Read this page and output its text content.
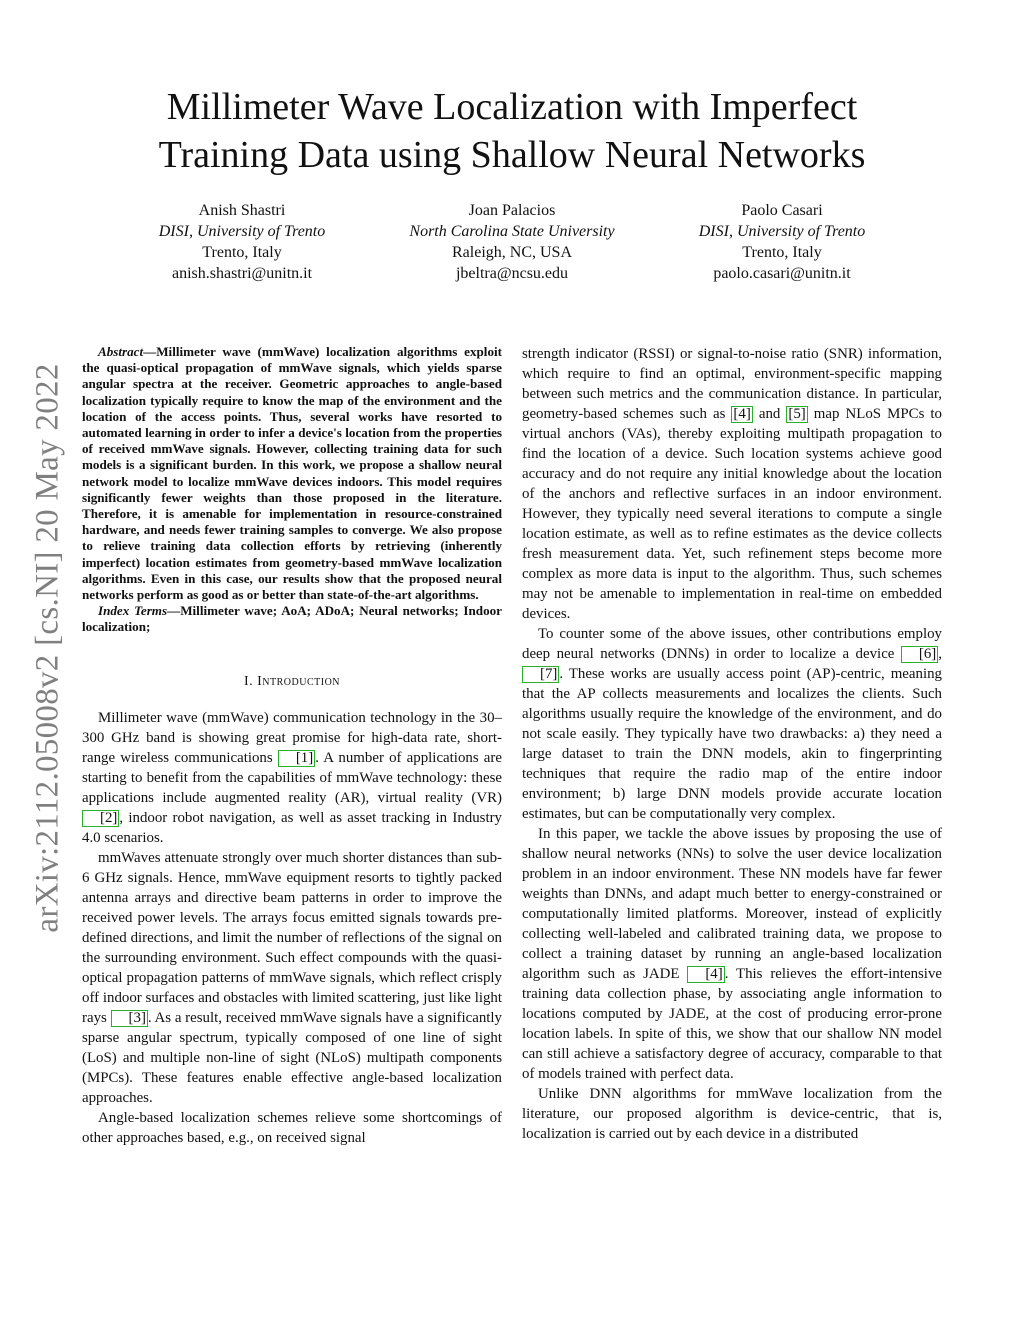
Millimeter Wave Localization with Imperfect
Training Data using Shallow Neural Networks
Anish Shastri
DISI, University of Trento
Trento, Italy
anish.shastri@unitn.it
Joan Palacios
North Carolina State University
Raleigh, NC, USA
jbeltra@ncsu.edu
Paolo Casari
DISI, University of Trento
Trento, Italy
paolo.casari@unitn.it
arXiv:2112.05008v2 [cs.NI] 20 May 2022

Abstract—Millimeter wave (mmWave) localization algorithms exploit the quasi-optical propagation of mmWave signals, which yields sparse angular spectra at the receiver. Geometric approaches to angle-based localization typically require to know the map of the environment and the location of the access points. Thus, several works have resorted to automated learning in order to infer a device's location from the properties of received mmWave signals. However, collecting training data for such models is a significant burden. In this work, we propose a shallow neural network model to localize mmWave devices indoors. This model requires significantly fewer weights than those proposed in the literature. Therefore, it is amenable for implementation in resource-constrained hardware, and needs fewer training samples to converge. We also propose to relieve training data collection efforts by retrieving (inherently imperfect) location estimates from geometry-based mmWave localization algorithms. Even in this case, our results show that the proposed neural networks perform as good as or better than state-of-the-art algorithms.

Index Terms—Millimeter wave; AoA; ADoA; Neural networks; Indoor localization;

I. Introduction

Millimeter wave (mmWave) communication technology in the 30–300 GHz band is showing great promise for high-data rate, short-range wireless communications [1] . A number of applications are starting to benefit from the capabilities of mmWave technology: these applications include augmented reality (AR), virtual reality (VR) [2] , indoor robot navigation, as well as asset tracking in Industry 4.0 scenarios.

mmWaves attenuate strongly over much shorter distances than sub-6 GHz signals. Hence, mmWave equipment resorts to tightly packed antenna arrays and directive beam patterns in order to improve the received power levels. The arrays focus emitted signals towards pre-defined directions, and limit the number of reflections of the signal on the surrounding environment. Such effect compounds with the quasi-optical propagation patterns of mmWave signals, which reflect crisply off indoor surfaces and obstacles with limited scattering, just like light rays [3] . As a result, received mmWave signals have a significantly sparse angular spectrum, typically composed of one line of sight (LoS) and multiple non-line of sight (NLoS) multipath components (MPCs). These features enable effective angle-based localization approaches.

Angle-based localization schemes relieve some shortcomings of other approaches based, e.g., on received signal

strength indicator (RSSI) or signal-to-noise ratio (SNR) information, which require to find an optimal, environment-specific mapping between such metrics and the communication distance. In particular, geometry-based schemes such as [4] and [5] map NLoS MPCs to virtual anchors (VAs), thereby exploiting multipath propagation to find the location of a device. Such location systems achieve good accuracy and do not require any initial knowledge about the location of the anchors and reflective surfaces in an indoor environment. However, they typically need several iterations to compute a single location estimate, as well as to refine estimates as the device collects fresh measurement data. Yet, such refinement steps become more complex as more data is input to the algorithm. Thus, such schemes may not be amenable to implementation in real-time on embedded devices.

To counter some of the above issues, other contributions employ deep neural networks (DNNs) in order to localize a device [6] , [7] . These works are usually access point (AP)-centric, meaning that the AP collects measurements and localizes the clients. Such algorithms usually require the knowledge of the environment, and do not scale easily. They typically have two drawbacks: a) they need a large dataset to train the DNN models, akin to fingerprinting techniques that require the radio map of the entire indoor environment; b) large DNN models provide accurate location estimates, but can be computationally very complex.

In this paper, we tackle the above issues by proposing the use of shallow neural networks (NNs) to solve the user device localization problem in an indoor environment. These NN models have far fewer weights than DNNs, and adapt much better to energy-constrained or computationally limited platforms. Moreover, instead of explicitly collecting well-labeled and calibrated training data, we propose to collect a training dataset by running an angle-based localization algorithm such as JADE [4] . This relieves the effort-intensive training data collection phase, by associating angle information to locations computed by JADE, at the cost of producing error-prone location labels. In spite of this, we show that our shallow NN model can still achieve a satisfactory degree of accuracy, comparable to that of models trained with perfect data.

Unlike DNN algorithms for mmWave localization from the literature, our proposed algorithm is device-centric, that is, localization is carried out by each device in a distributed
